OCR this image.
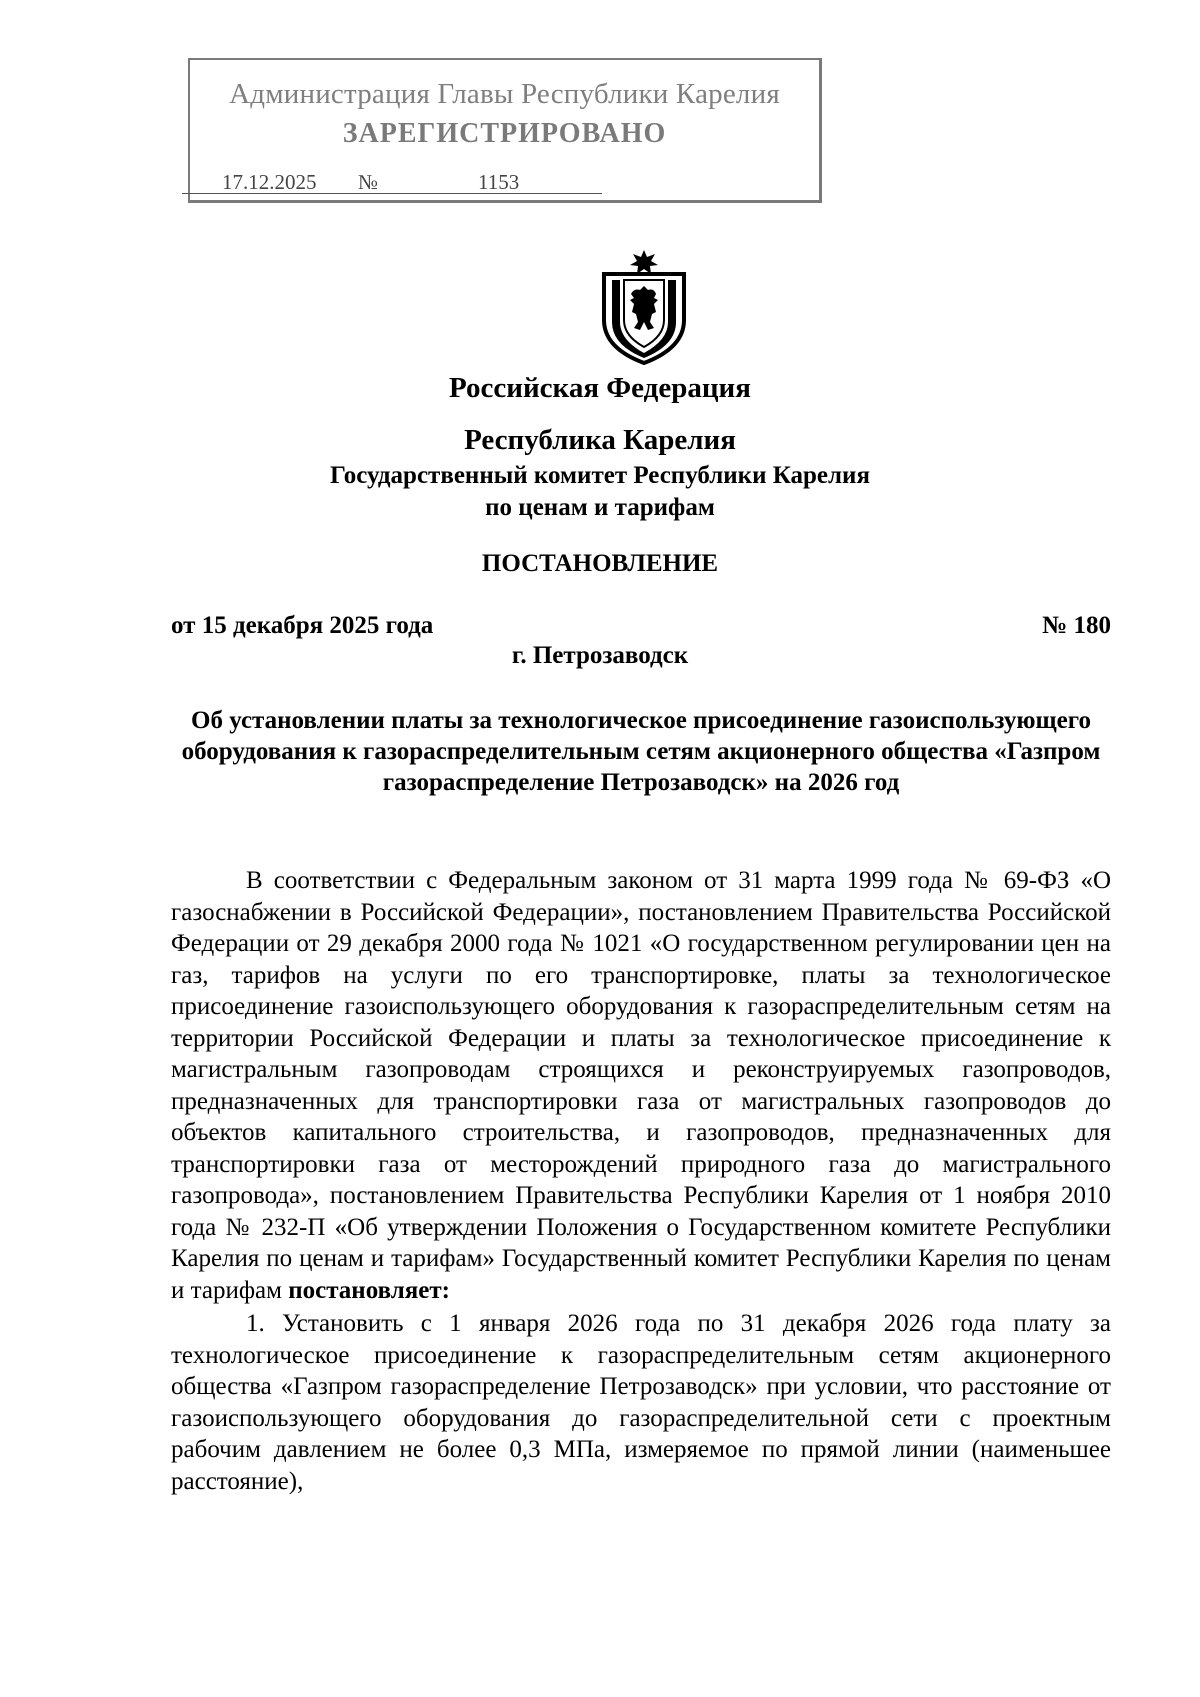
Администрация Главы Республики Карелия
ЗАРЕГИСТРИРОВАНО
17.12.2025 №	1153
Российская Федерация
Республика Карелия
Государственный комитет Республики Карелия
по ценам и тарифам
ПОСТАНОВЛЕНИЕ
от 15 декабря 2025 года	№ 180
г. Петрозаводск
Об установлении платы за технологическое присоединение газоиспользующего оборудования к газораспределительным сетям акционерного общества «Газпром газораспределение Петрозаводск» на 2026 год

В соответствии с Федеральным законом от 31 марта 1999 года № 69-ФЗ «О газоснабжении в Российской Федерации», постановлением Правительства Российской Федерации от 29 декабря 2000 года № 1021 «О государственном регулировании цен на газ, тарифов на услуги по его транспортировке, платы за технологическое присоединение газоиспользующего оборудования к газораспределительным сетям на территории Российской Федерации и платы за технологическое присоединение к магистральным газопроводам строящихся и реконструируемых газопроводов, предназначенных для транспортировки газа от магистральных газопроводов до объектов капитального строительства, и газопроводов, предназначенных для транспортировки газа от месторождений природного газа до магистрального газопровода», постановлением Правительства Республики Карелия от 1 ноября 2010 года № 232-П «Об утверждении Положения о Государственном комитете Республики Карелия по ценам и тарифам» Государственный комитет Республики Карелия по ценам и тарифам постановляет:

1. Установить с 1 января 2026 года по 31 декабря 2026 года плату за технологическое присоединение к газораспределительным сетям акционерного общества «Газпром газораспределение Петрозаводск» при условии, что расстояние от газоиспользующего оборудования до газораспределительной сети с проектным рабочим давлением не более 0,3 МПа, измеряемое по прямой линии (наименьшее расстояние),
